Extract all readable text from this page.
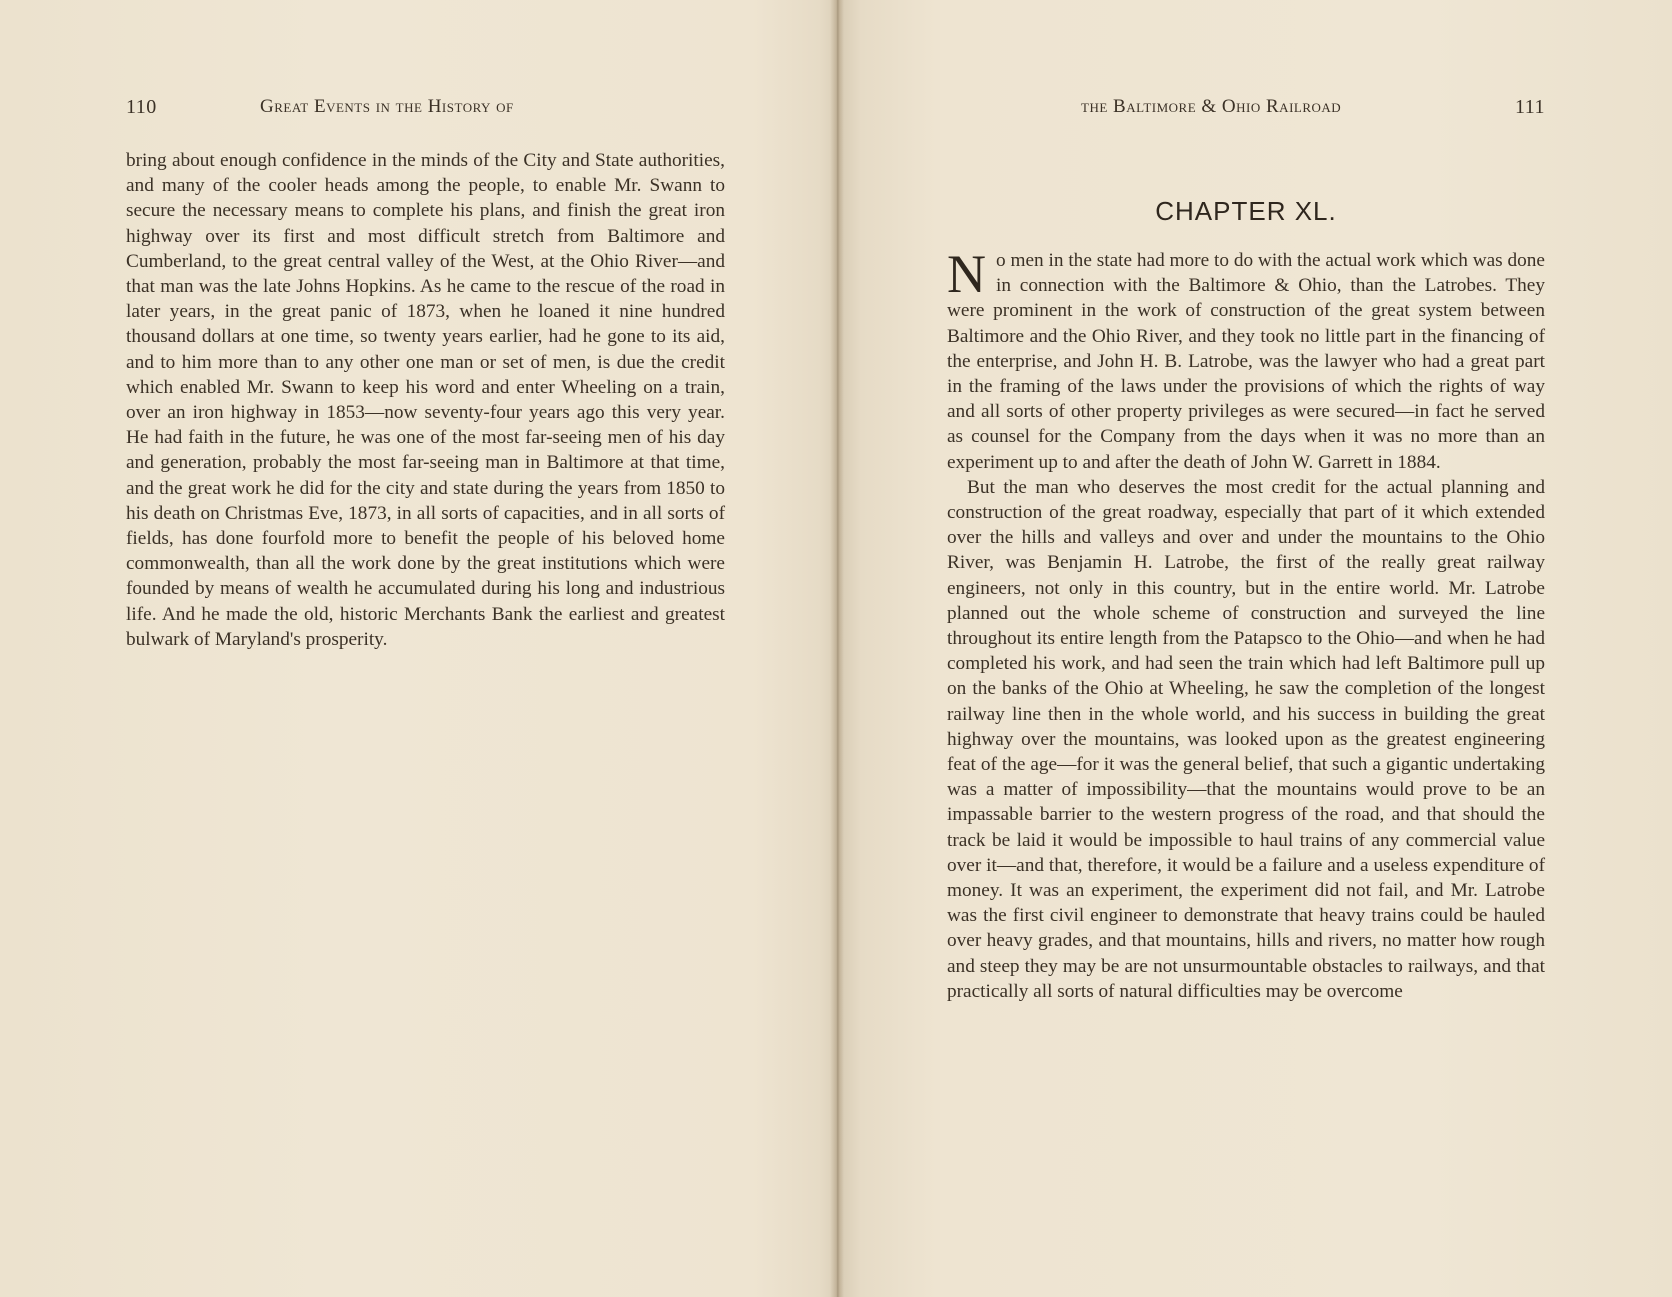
110	Great Events in the History of

bring about enough confidence in the minds of the City and State authorities, and many of the cooler heads among the people, to enable Mr. Swann to secure the necessary means to complete his plans, and finish the great iron highway over its first and most difficult stretch from Baltimore and Cumberland, to the great central valley of the West, at the Ohio River—and that man was the late Johns Hopkins. As he came to the rescue of the road in later years, in the great panic of 1873, when he loaned it nine hundred thousand dollars at one time, so twenty years earlier, had he gone to its aid, and to him more than to any other one man or set of men, is due the credit which enabled Mr. Swann to keep his word and enter Wheeling on a train, over an iron highway in 1853—now seventy-four years ago this very year. He had faith in the future, he was one of the most far-seeing men of his day and generation, probably the most far-seeing man in Baltimore at that time, and the great work he did for the city and state during the years from 1850 to his death on Christmas Eve, 1873, in all sorts of capacities, and in all sorts of fields, has done fourfold more to benefit the people of his beloved home commonwealth, than all the work done by the great institutions which were founded by means of wealth he accumulated during his long and industrious life. And he made the old, historic Merchants Bank the earliest and greatest bulwark of Maryland's prosperity.

the Baltimore & Ohio Railroad	111
CHAPTER XL.

No men in the state had more to do with the actual work which was done in connection with the Baltimore & Ohio, than the Latrobes. They were prominent in the work of construction of the great system between Baltimore and the Ohio River, and they took no little part in the financing of the enterprise, and John H. B. Latrobe, was the lawyer who had a great part in the framing of the laws under the provisions of which the rights of way and all sorts of other property privileges as were secured—in fact he served as counsel for the Company from the days when it was no more than an experiment up to and after the death of John W. Garrett in 1884.

But the man who deserves the most credit for the actual planning and construction of the great roadway, especially that part of it which extended over the hills and valleys and over and under the mountains to the Ohio River, was Benjamin H. Latrobe, the first of the really great railway engineers, not only in this country, but in the entire world. Mr. Latrobe planned out the whole scheme of construction and surveyed the line throughout its entire length from the Patapsco to the Ohio—and when he had completed his work, and had seen the train which had left Baltimore pull up on the banks of the Ohio at Wheeling, he saw the completion of the longest railway line then in the whole world, and his success in building the great highway over the mountains, was looked upon as the greatest engineering feat of the age—for it was the general belief, that such a gigantic undertaking was a matter of impossibility—that the mountains would prove to be an impassable barrier to the western progress of the road, and that should the track be laid it would be impossible to haul trains of any commercial value over it—and that, therefore, it would be a failure and a useless expenditure of money. It was an experiment, the experiment did not fail, and Mr. Latrobe was the first civil engineer to demonstrate that heavy trains could be hauled over heavy grades, and that mountains, hills and rivers, no matter how rough and steep they may be are not unsurmountable obstacles to railways, and that practically all sorts of natural difficulties may be overcome
